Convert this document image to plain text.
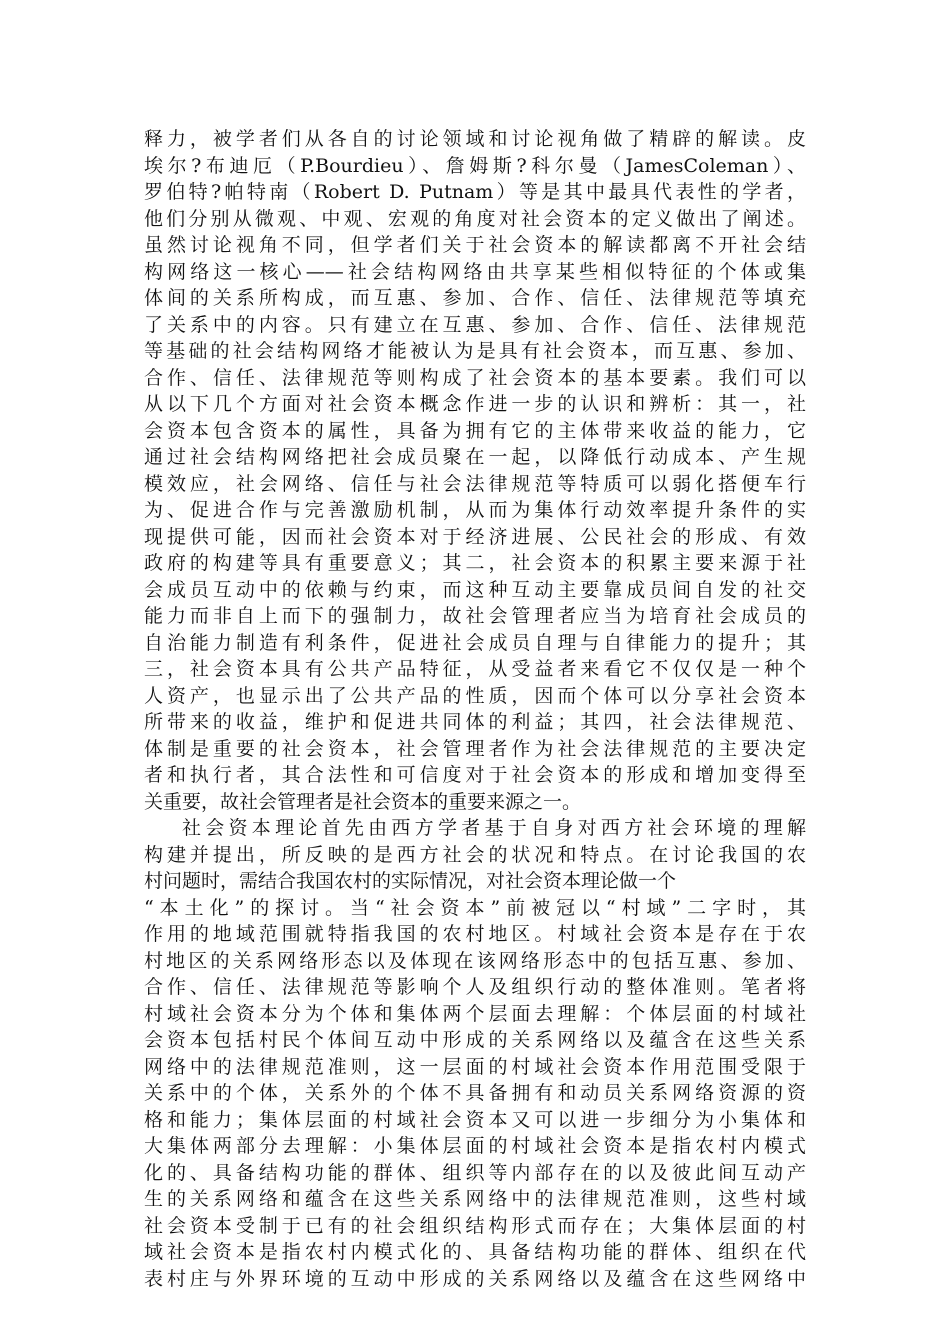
释力，被学者们从各自的讨论领域和讨论视角做了精辟的解读。皮
埃尔?布迪厄（P.Bourdieu）、詹姆斯?科尔曼（JamesColeman）、
罗伯特?帕特南（Robert D. Putnam）等是其中最具代表性的学者，
他们分别从微观、中观、宏观的角度对社会资本的定义做出了阐述。
虽然讨论视角不同，但学者们关于社会资本的解读都离不开社会结
构网络这一核心——社会结构网络由共享某些相似特征的个体或集
体间的关系所构成，而互惠、参加、合作、信任、法律规范等填充
了关系中的内容。只有建立在互惠、参加、合作、信任、法律规范
等基础的社会结构网络才能被认为是具有社会资本，而互惠、参加、
合作、信任、法律规范等则构成了社会资本的基本要素。我们可以
从以下几个方面对社会资本概念作进一步的认识和辨析：其一，社
会资本包含资本的属性，具备为拥有它的主体带来收益的能力，它
通过社会结构网络把社会成员聚在一起，以降低行动成本、产生规
模效应，社会网络、信任与社会法律规范等特质可以弱化搭便车行
为、促进合作与完善激励机制，从而为集体行动效率提升条件的实
现提供可能，因而社会资本对于经济进展、公民社会的形成、有效
政府的构建等具有重要意义；其二，社会资本的积累主要来源于社
会成员互动中的依赖与约束，而这种互动主要靠成员间自发的社交
能力而非自上而下的强制力，故社会管理者应当为培育社会成员的
自治能力制造有利条件，促进社会成员自理与自律能力的提升；其
三，社会资本具有公共产品特征，从受益者来看它不仅仅是一种个
人资产，也显示出了公共产品的性质，因而个体可以分享社会资本
所带来的收益，维护和促进共同体的利益；其四，社会法律规范、
体制是重要的社会资本，社会管理者作为社会法律规范的主要决定
者和执行者，其合法性和可信度对于社会资本的形成和增加变得至
关重要，故社会管理者是社会资本的重要来源之一。
社会资本理论首先由西方学者基于自身对西方社会环境的理解
构建并提出，所反映的是西方社会的状况和特点。在讨论我国的农
村问题时，需结合我国农村的实际情况，对社会资本理论做一个
“本土化”的探讨。当“社会资本”前被冠以“村域”二字时，其
作用的地域范围就特指我国的农村地区。村域社会资本是存在于农
村地区的关系网络形态以及体现在该网络形态中的包括互惠、参加、
合作、信任、法律规范等影响个人及组织行动的整体准则。笔者将
村域社会资本分为个体和集体两个层面去理解：个体层面的村域社
会资本包括村民个体间互动中形成的关系网络以及蕴含在这些关系
网络中的法律规范准则，这一层面的村域社会资本作用范围受限于
关系中的个体，关系外的个体不具备拥有和动员关系网络资源的资
格和能力；集体层面的村域社会资本又可以进一步细分为小集体和
大集体两部分去理解：小集体层面的村域社会资本是指农村内模式
化的、具备结构功能的群体、组织等内部存在的以及彼此间互动产
生的关系网络和蕴含在这些关系网络中的法律规范准则，这些村域
社会资本受制于已有的社会组织结构形式而存在；大集体层面的村
域社会资本是指农村内模式化的、具备结构功能的群体、组织在代
表村庄与外界环境的互动中形成的关系网络以及蕴含在这些网络中
